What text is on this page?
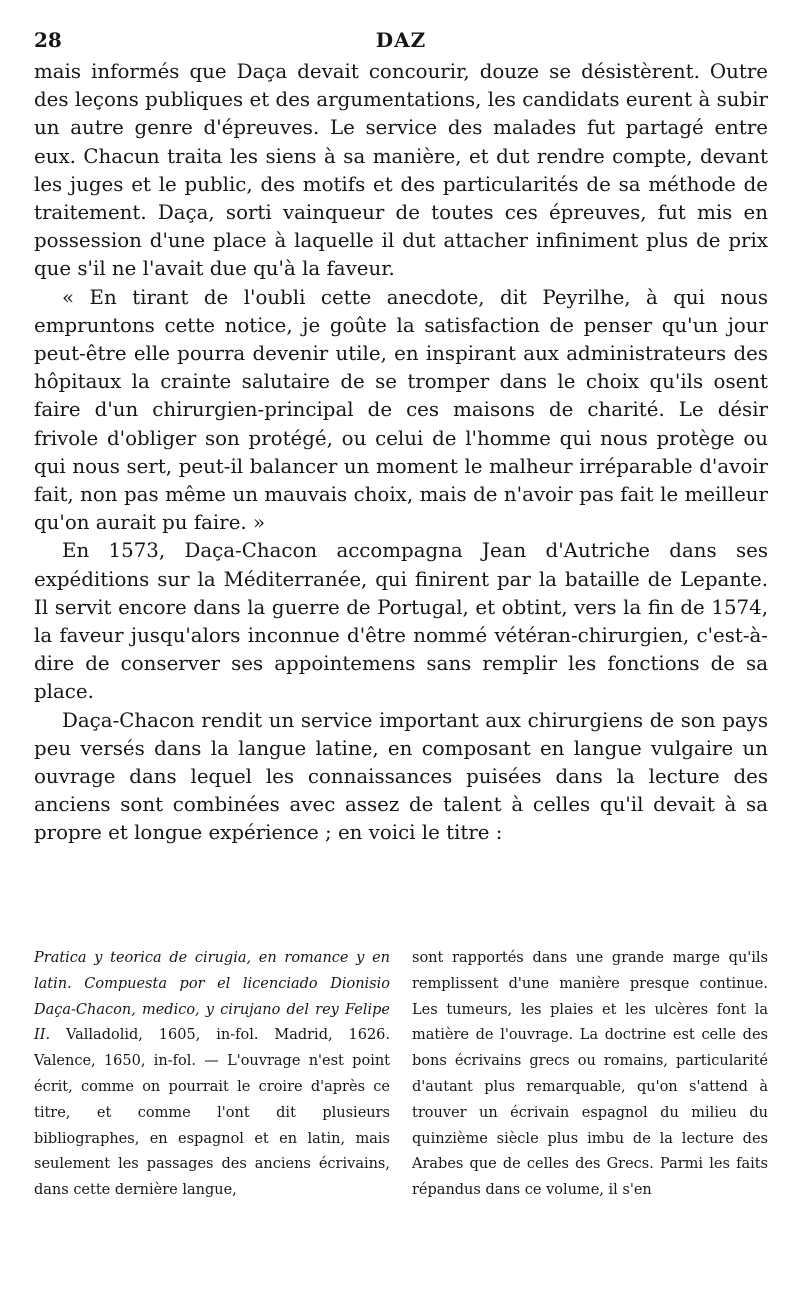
28	DAZ

mais informés que Daça devait concourir, douze se désistèrent. Outre des leçons publiques et des argumentations, les candidats eurent à subir un autre genre d'épreuves. Le service des malades fut partagé entre eux. Chacun traita les siens à sa manière, et dut rendre compte, devant les juges et le public, des motifs et des particularités de sa méthode de traitement. Daça, sorti vainqueur de toutes ces épreuves, fut mis en possession d'une place à laquelle il dut attacher infiniment plus de prix que s'il ne l'avait due qu'à la faveur.

« En tirant de l'oubli cette anecdote, dit Peyrilhe, à qui nous empruntons cette notice, je goûte la satisfaction de penser qu'un jour peut-être elle pourra devenir utile, en inspirant aux administrateurs des hôpitaux la crainte salutaire de se tromper dans le choix qu'ils osent faire d'un chirurgien-principal de ces maisons de charité. Le désir frivole d'obliger son protégé, ou celui de l'homme qui nous protège ou qui nous sert, peut-il balancer un moment le malheur irréparable d'avoir fait, non pas même un mauvais choix, mais de n'avoir pas fait le meilleur qu'on aurait pu faire. »

En 1573, Daça-Chacon accompagna Jean d'Autriche dans ses expéditions sur la Méditerranée, qui finirent par la bataille de Lepante. Il servit encore dans la guerre de Portugal, et obtint, vers la fin de 1574, la faveur jusqu'alors inconnue d'être nommé vétéran-chirurgien, c'est-à-dire de conserver ses appointemens sans remplir les fonctions de sa place.

Daça-Chacon rendit un service important aux chirurgiens de son pays peu versés dans la langue latine, en composant en langue vulgaire un ouvrage dans lequel les connaissances puisées dans la lecture des anciens sont combinées avec assez de talent à celles qu'il devait à sa propre et longue expérience ; en voici le titre :

Pratica y teorica de cirugia, en romance y en latin. Compuesta por el licenciado Dionisio Daça-Chacon, medico, y cirujano del rey Felipe II. Valladolid, 1605, in-fol. Madrid, 1626. Valence, 1650, in-fol. — L'ouvrage n'est point écrit, comme on pourrait le croire d'après ce titre, et comme l'ont dit plusieurs bibliographes, en espagnol et en latin, mais seulement les passages des anciens écrivains, dans cette dernière langue,

sont rapportés dans une grande marge qu'ils remplissent d'une manière presque continue. Les tumeurs, les plaies et les ulcères font la matière de l'ouvrage. La doctrine est celle des bons écrivains grecs ou romains, particularité d'autant plus remarquable, qu'on s'attend à trouver un écrivain espagnol du milieu du quinzième siècle plus imbu de la lecture des Arabes que de celles des Grecs. Parmi les faits répandus dans ce volume, il s'en
